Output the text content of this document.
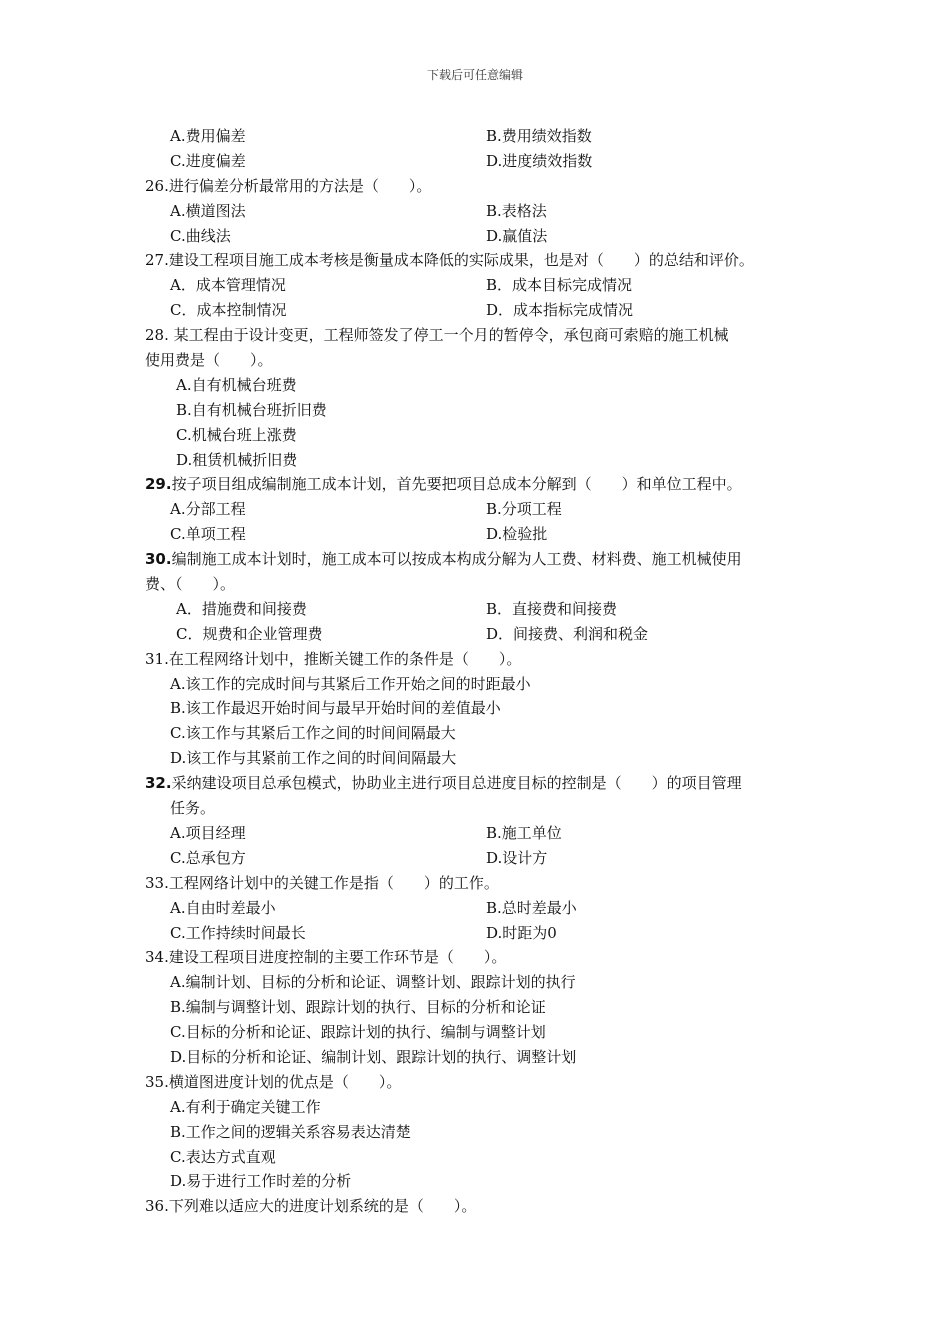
下载后可任意编辑
A.费用偏差	B.费用绩效指数
C.进度偏差	D.进度绩效指数
26.进行偏差分析最常用的方法是（　　）。
A.横道图法	B.表格法
C.曲线法	D.赢值法
27.建设工程项目施工成本考核是衡量成本降低的实际成果，也是对（　　）的总结和评价。
A．成本管理情况	B．成本目标完成情况
C．成本控制情况	D．成本指标完成情况
28. 某工程由于设计变更，工程师签发了停工一个月的暂停令，承包商可索赔的施工机械
使用费是（　　）。
A.自有机械台班费
B.自有机械台班折旧费
C.机械台班上涨费
D.租赁机械折旧费
29.按子项目组成编制施工成本计划，首先要把项目总成本分解到（　　）和单位工程中。
A.分部工程	B.分项工程
C.单项工程	D.检验批
30.编制施工成本计划时，施工成本可以按成本构成分解为人工费、材料费、施工机械使用
费、（　　）。
A．措施费和间接费	B．直接费和间接费
C．规费和企业管理费	D．间接费、利润和税金
31.在工程网络计划中，推断关键工作的条件是（　　）。
A.该工作的完成时间与其紧后工作开始之间的时距最小
B.该工作最迟开始时间与最早开始时间的差值最小
C.该工作与其紧后工作之间的时间间隔最大
D.该工作与其紧前工作之间的时间间隔最大
32.采纳建设项目总承包模式，协助业主进行项目总进度目标的控制是（　　）的项目管理
任务。
A.项目经理	B.施工单位
C.总承包方	D.设计方
33.工程网络计划中的关键工作是指（　　）的工作。
A.自由时差最小	B.总时差最小
C.工作持续时间最长	D.时距为0
34.建设工程项目进度控制的主要工作环节是（　　）。
A.编制计划、目标的分析和论证、调整计划、跟踪计划的执行
B.编制与调整计划、跟踪计划的执行、目标的分析和论证
C.目标的分析和论证、跟踪计划的执行、编制与调整计划
D.目标的分析和论证、编制计划、跟踪计划的执行、调整计划
35.横道图进度计划的优点是（　　）。
A.有利于确定关键工作
B.工作之间的逻辑关系容易表达清楚
C.表达方式直观
D.易于进行工作时差的分析
36.下列难以适应大的进度计划系统的是（　　）。
